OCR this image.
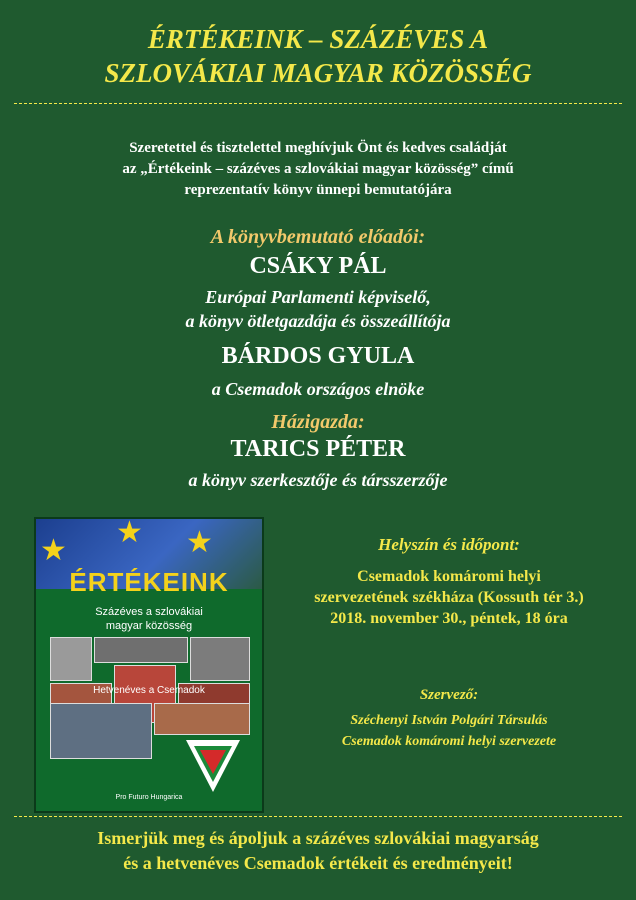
ÉRTÉKEINK – SZÁZÉVES A
SZLOVÁKIAI MAGYAR KÖZÖSSÉG
Szeretettel és tisztelettel meghívjuk Önt és kedves családját
az „Értékeink – százéves a szlovákiai magyar közösség” című
reprezentatív könyv ünnepi bemutatójára
A könyvbemutató előadói:
CSÁKY PÁL
Európai Parlamenti képviselő,
a könyv ötletgazdája és összeállítója
BÁRDOS GYULA
a Csemadok országos elnöke
Házigazda:
TARICS PÉTER
a könyv szerkesztője és társszerzője
★
★ ★
ÉRTÉKEINK
Százéves a szlovákiai
magyar közösség
Hetvenéves a Csemadok
Pro Futuro Hungarica
Helyszín és időpont:
Csemadok komáromi helyi
szervezetének székháza (Kossuth tér 3.)
2018. november 30., péntek, 18 óra
Szervező:
Széchenyi István Polgári Társulás
Csemadok komáromi helyi szervezete
Ismerjük meg és ápoljuk a százéves szlovákiai magyarság
és a hetvenéves Csemadok értékeit és eredményeit!
